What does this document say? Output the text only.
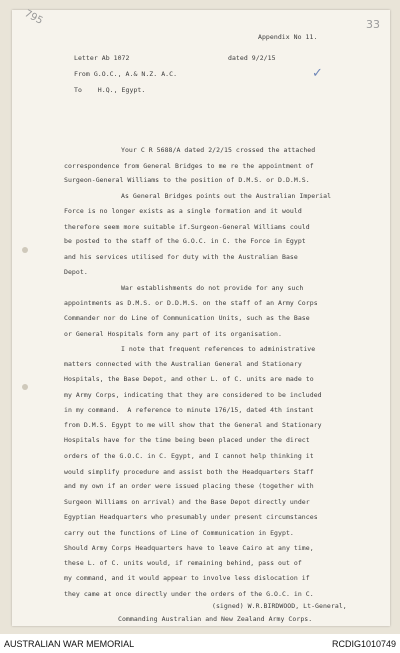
795	33
✓
Appendix No 11.
Letter Ab 1072	dated 9/2/15
From G.O.C., A.& N.Z. A.C.
To    H.Q., Egypt.
Your C R 5688/A dated 2/2/15 crossed the attached
correspondence from General Bridges to me re the appointment of
Surgeon-General Williams to the position of D.M.S. or D.D.M.S.
As General Bridges points out the Australian Imperial
Force is no longer exists as a single formation and it would
therefore seem more suitable if.Surgeon-General Williams could
be posted to the staff of the G.O.C. in C. the Force in Egypt
and his services utilised for duty with the Australian Base
Depot.
War establishments do not provide for any such
appointments as D.M.S. or D.D.M.S. on the staff of an Army Corps
Commander nor do Line of Communication Units, such as the Base
or General Hospitals form any part of its organisation.
I note that frequent references to administrative
matters connected with the Australian General and Stationary
Hospitals, the Base Depot, and other L. of C. units are made to
my Army Corps, indicating that they are considered to be included
in my command.  A reference to minute 176/15, dated 4th instant
from D.M.S. Egypt to me will show that the General and Stationary
Hospitals have for the time being been placed under the direct
orders of the G.O.C. in C. Egypt, and I cannot help thinking it
would simplify procedure and assist both the Headquarters Staff
and my own if an order were issued placing these (together with
Surgeon Williams on arrival) and the Base Depot directly under
Egyptian Headquarters who presumably under present circumstances
carry out the functions of Line of Communication in Egypt.
Should Army Corps Headquarters have to leave Cairo at any time,
these L. of C. units would, if remaining behind, pass out of
my command, and it would appear to involve less dislocation if
they came at once directly under the orders of the G.O.C. in C.
(signed) W.R.BIRDWOOD, Lt-General,
Commanding Australian and New Zealand Army Corps.
AUSTRALIAN WAR MEMORIAL	RCDIG1010749
